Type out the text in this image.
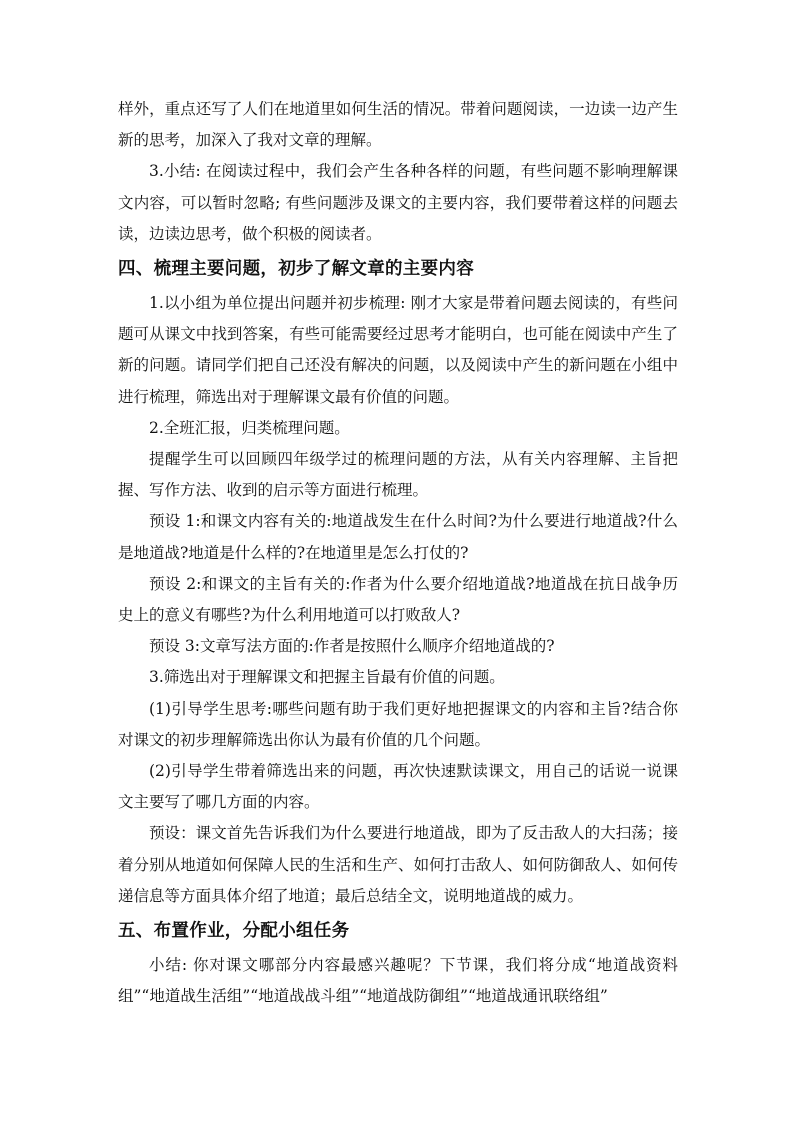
样外，重点还写了人们在地道里如何生活的情况。带着问题阅读，一边读一边产生新的思考，加深入了我对文章的理解。

3.小结: 在阅读过程中，我们会产生各种各样的问题，有些问题不影响理解课文内容，可以暂时忽略; 有些问题涉及课文的主要内容，我们要带着这样的问题去读，边读边思考，做个积极的阅读者。

四、梳理主要问题，初步了解文章的主要内容

1.以小组为单位提出问题并初步梳理: 刚才大家是带着问题去阅读的，有些问题可从课文中找到答案，有些可能需要经过思考才能明白，也可能在阅读中产生了新的问题。请同学们把自己还没有解决的问题，以及阅读中产生的新问题在小组中进行梳理，筛选出对于理解课文最有价值的问题。

2.全班汇报，归类梳理问题。

提醒学生可以回顾四年级学过的梳理问题的方法，从有关内容理解、主旨把握、写作方法、收到的启示等方面进行梳理。

预设 1:和课文内容有关的:地道战发生在什么时间?为什么要进行地道战?什么是地道战?地道是什么样的?在地道里是怎么打仗的?

预设 2:和课文的主旨有关的:作者为什么要介绍地道战?地道战在抗日战争历史上的意义有哪些?为什么利用地道可以打败敌人?

预设 3:文章写法方面的:作者是按照什么顺序介绍地道战的?

3.筛选出对于理解课文和把握主旨最有价值的问题。

(1)引导学生思考:哪些问题有助于我们更好地把握课文的内容和主旨?结合你对课文的初步理解筛选出你认为最有价值的几个问题。

(2)引导学生带着筛选出来的问题，再次快速默读课文，用自己的话说一说课文主要写了哪几方面的内容。

预设：课文首先告诉我们为什么要进行地道战，即为了反击敌人的大扫荡；接着分别从地道如何保障人民的生活和生产、如何打击敌人、如何防御敌人、如何传递信息等方面具体介绍了地道；最后总结全文，说明地道战的威力。

五、布置作业，分配小组任务

小结: 你对课文哪部分内容最感兴趣呢？下节课，我们将分成“地道战资料组”“地道战生活组”“地道战战斗组”“地道战防御组”“地道战通讯联络组”
